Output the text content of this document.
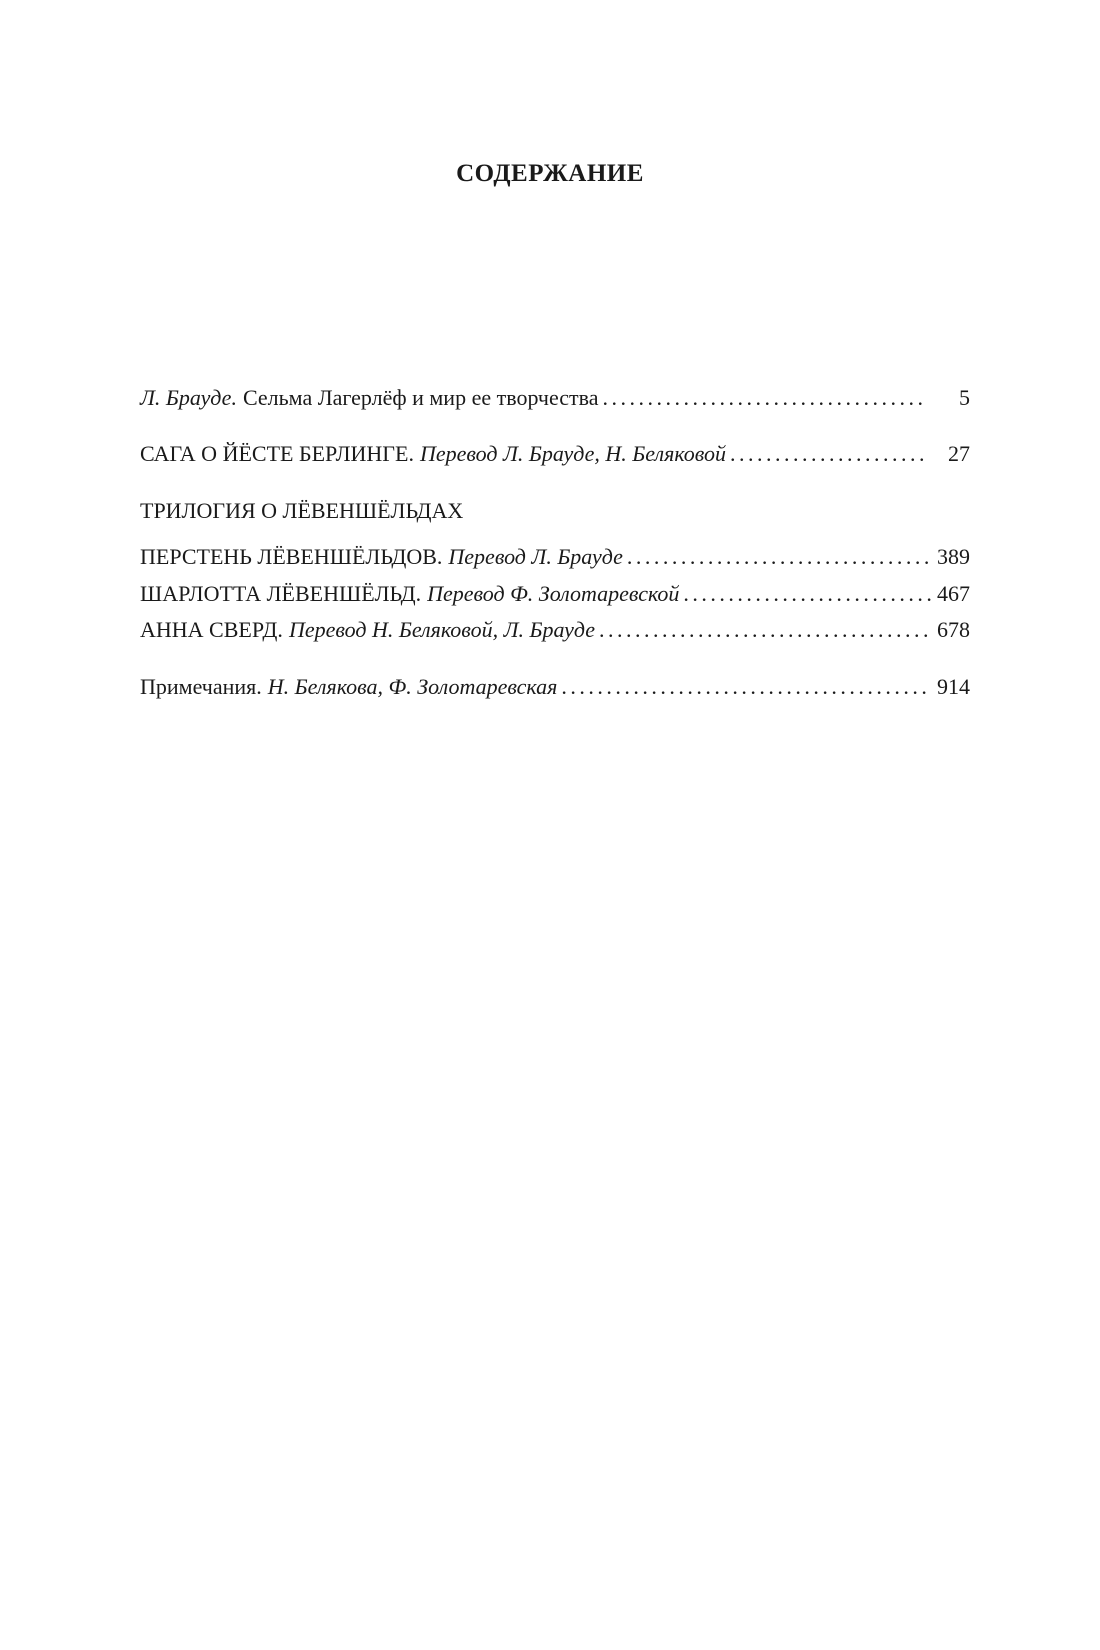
СОДЕРЖАНИЕ
Л. Брауде. Сельма Лагерлёф и мир ее творчества . . .	5
САГА О ЙЁСТЕ БЕРЛИНГЕ. Перевод Л. Брауде, Н. Беляковой . . .	27
ТРИЛОГИЯ О ЛЁВЕНШЁЛЬДАХ
ПЕРСТЕНЬ ЛЁВЕНШЁЛЬДОВ. Перевод Л. Брауде . . .	389
ШАРЛОТТА ЛЁВЕНШЁЛЬД. Перевод Ф. Золотаревской . . .	467
АННА СВЕРД. Перевод Н. Беляковой, Л. Брауде . . .	678
Примечания. Н. Белякова, Ф. Золотаревская . . .	914
